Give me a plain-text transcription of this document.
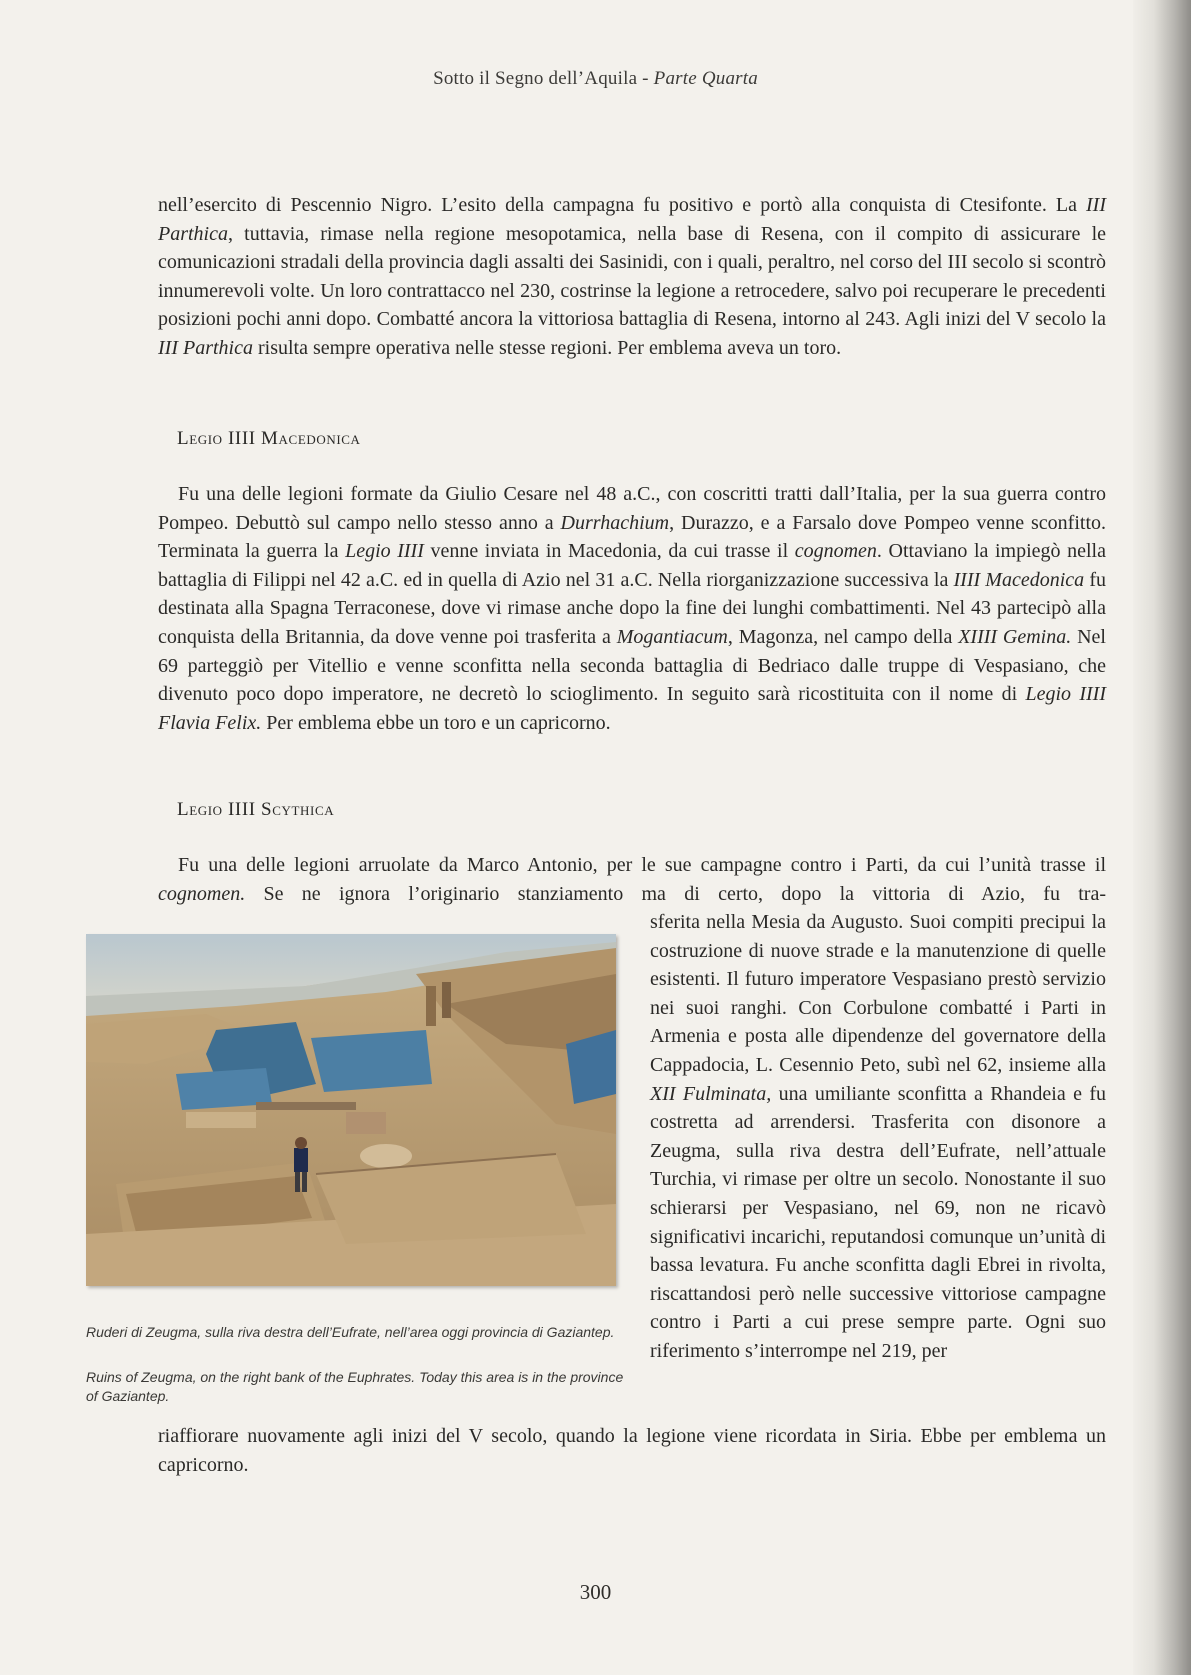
Sotto il Segno dell’Aquila - Parte Quarta

nell’esercito di Pescennio Nigro. L’esito della campagna fu positivo e portò alla conquista di Ctesifonte. La III Parthica, tuttavia, rimase nella regione mesopotamica, nella base di Resena, con il compito di assicurare le comunicazioni stradali della provincia dagli assalti dei Sasinidi, con i quali, peraltro, nel corso del III secolo si scontrò innumerevoli volte. Un loro contrattacco nel 230, costrinse la legione a retrocedere, salvo poi recuperare le precedenti posizioni pochi anni dopo. Combatté ancora la vittoriosa battaglia di Resena, intorno al 243. Agli inizi del V secolo la III Parthica risulta sempre operativa nelle stesse regioni. Per emblema aveva un toro.

Legio IIII Macedonica

Fu una delle legioni formate da Giulio Cesare nel 48 a.C., con coscritti tratti dall’Italia, per la sua guerra contro Pompeo. Debuttò sul campo nello stesso anno a Durrhachium, Durazzo, e a Farsalo dove Pompeo venne sconfitto. Terminata la guerra la Legio IIII venne inviata in Macedonia, da cui trasse il cognomen. Ottaviano la impiegò nella battaglia di Filippi nel 42 a.C. ed in quella di Azio nel 31 a.C. Nella riorganizzazione successiva la IIII Macedonica fu destinata alla Spagna Terraconese, dove vi rimase anche dopo la fine dei lunghi combattimenti. Nel 43 partecipò alla conquista della Britannia, da dove venne poi trasferita a Mogantiacum, Magonza, nel campo della XIIII Gemina. Nel 69 parteggiò per Vitellio e venne sconfitta nella seconda battaglia di Bedriaco dalle truppe di Vespasiano, che divenuto poco dopo imperatore, ne decretò lo scioglimento. In seguito sarà ricostituita con il nome di Legio IIII Flavia Felix. Per emblema ebbe un toro e un capricorno.

Legio IIII Scythica

Fu una delle legioni arruolate da Marco Antonio, per le sue campagne contro i Parti, da cui l’unità trasse il cognomen. Se ne ignora l’originario stanziamento ma di certo, dopo la vittoria di Azio, fu tra-

Ruderi di Zeugma, sulla riva destra dell’Eufrate, nell’area oggi provincia di Gaziantep.

Ruins of Zeugma, on the right bank of the Euphrates. Today this area is in the province of Gaziantep.

sferita nella Mesia da Augusto. Suoi compiti precipui la costruzione di nuove strade e la manutenzione di quelle esistenti. Il futuro imperatore Vespasiano prestò servizio nei suoi ranghi. Con Corbulone combatté i Parti in Armenia e posta alle dipendenze del governatore della Cappadocia, L. Cesennio Peto, subì nel 62, insieme alla XII Fulminata, una umiliante sconfitta a Rhandeia e fu costretta ad arrendersi. Trasferita con disonore a Zeugma, sulla riva destra dell’Eufrate, nell’attuale Turchia, vi rimase per oltre un secolo. Nonostante il suo schierarsi per Vespasiano, nel 69, non ne ricavò significativi incarichi, reputandosi comunque un’unità di bassa levatura. Fu anche sconfitta dagli Ebrei in rivolta, riscattandosi però nelle successive vittoriose campagne contro i Parti a cui prese sempre parte. Ogni suo riferimento s’interrompe nel 219, per

riaffiorare nuovamente agli inizi del V secolo, quando la legione viene ricordata in Siria. Ebbe per emblema un capricorno.

300
